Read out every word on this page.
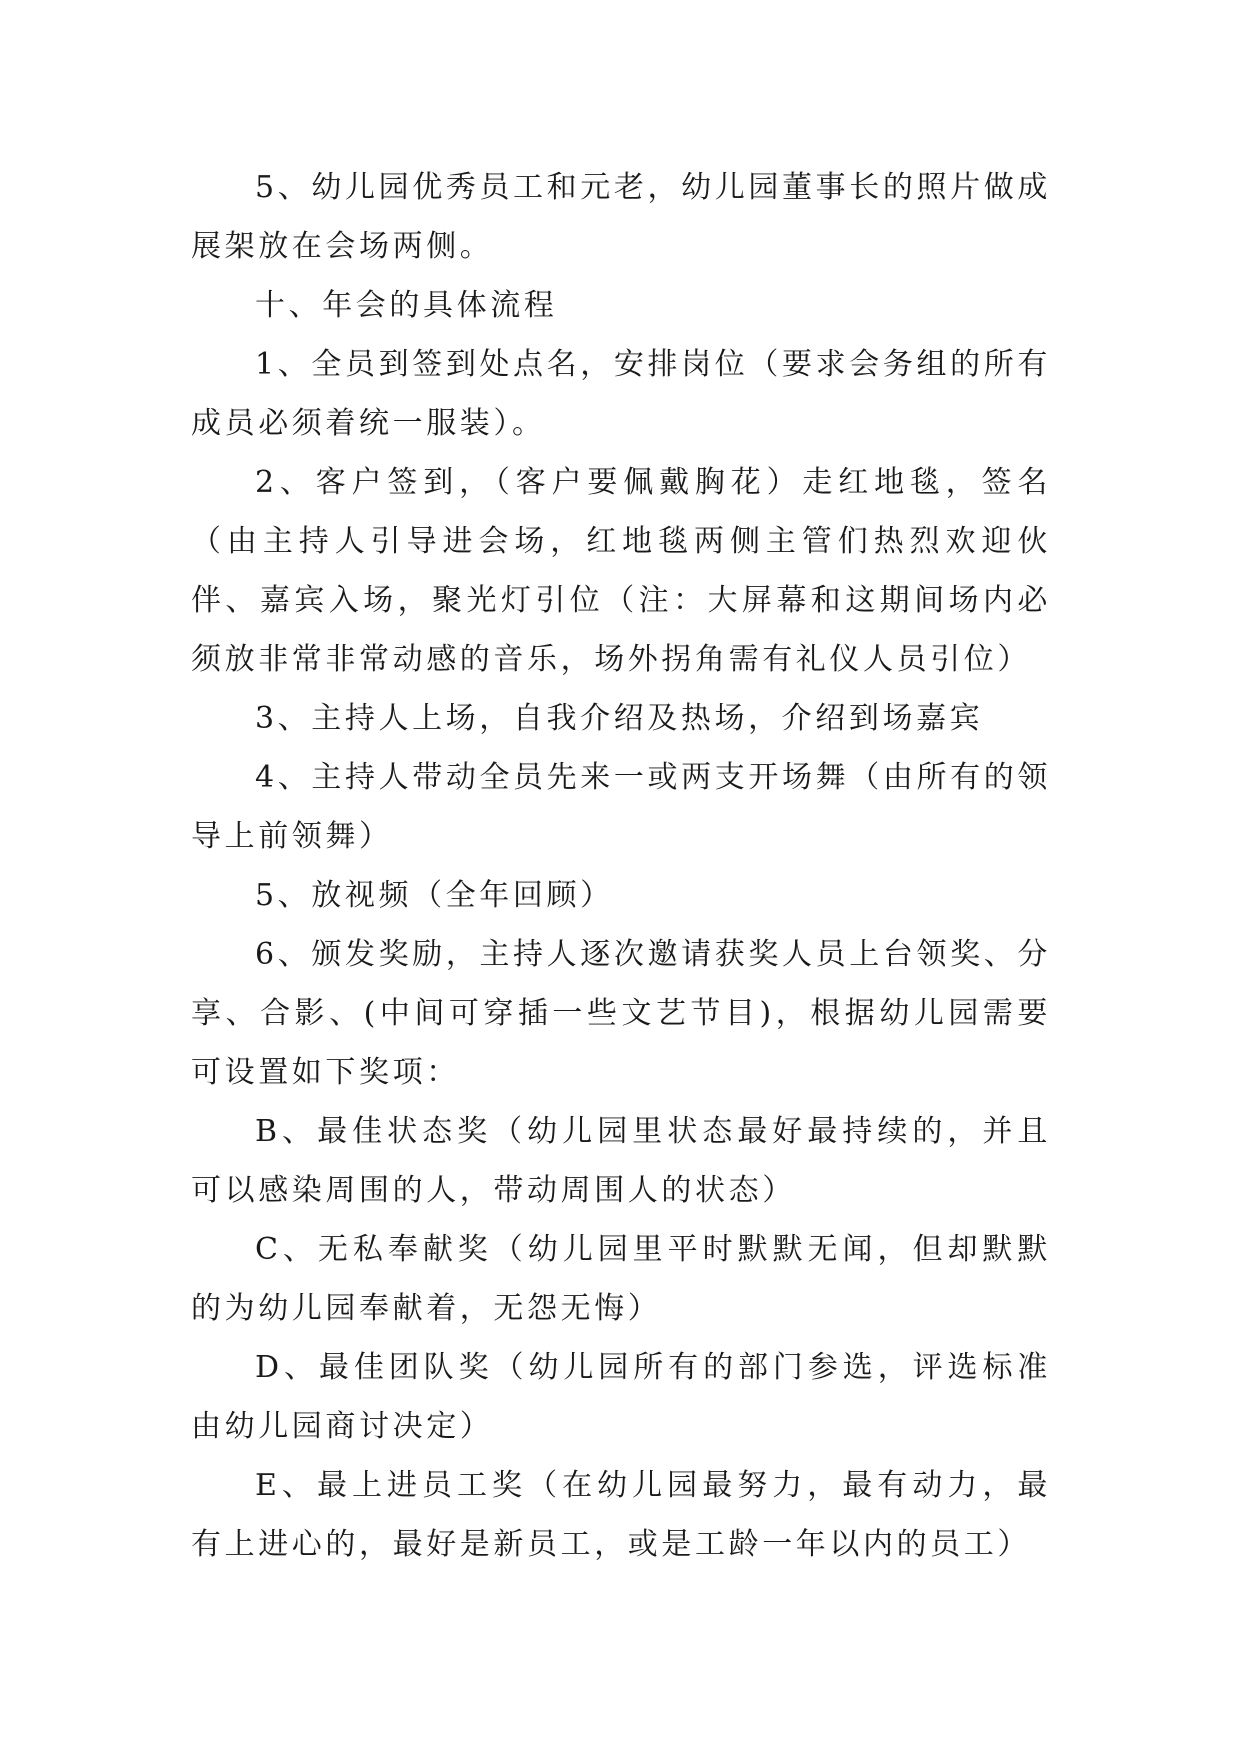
5、幼儿园优秀员工和元老，幼儿园董事长的照片做成展架放在会场两侧。

十、年会的具体流程

1、全员到签到处点名，安排岗位（要求会务组的所有成员必须着统一服装）。

2、客户签到，（客户要佩戴胸花）走红地毯，签名（由主持人引导进会场，红地毯两侧主管们热烈欢迎伙伴、嘉宾入场，聚光灯引位（注：大屏幕和这期间场内必须放非常非常动感的音乐，场外拐角需有礼仪人员引位）

3、主持人上场，自我介绍及热场，介绍到场嘉宾

4、主持人带动全员先来一或两支开场舞（由所有的领导上前领舞）

5、放视频（全年回顾）

6、颁发奖励，主持人逐次邀请获奖人员上台领奖、分享、合影、(中间可穿插一些文艺节目)，根据幼儿园需要可设置如下奖项：

B、最佳状态奖（幼儿园里状态最好最持续的，并且可以感染周围的人，带动周围人的状态）

C、无私奉献奖（幼儿园里平时默默无闻，但却默默的为幼儿园奉献着，无怨无悔）

D、最佳团队奖（幼儿园所有的部门参选，评选标准由幼儿园商讨决定）

E、最上进员工奖（在幼儿园最努力，最有动力，最有上进心的，最好是新员工，或是工龄一年以内的员工）
